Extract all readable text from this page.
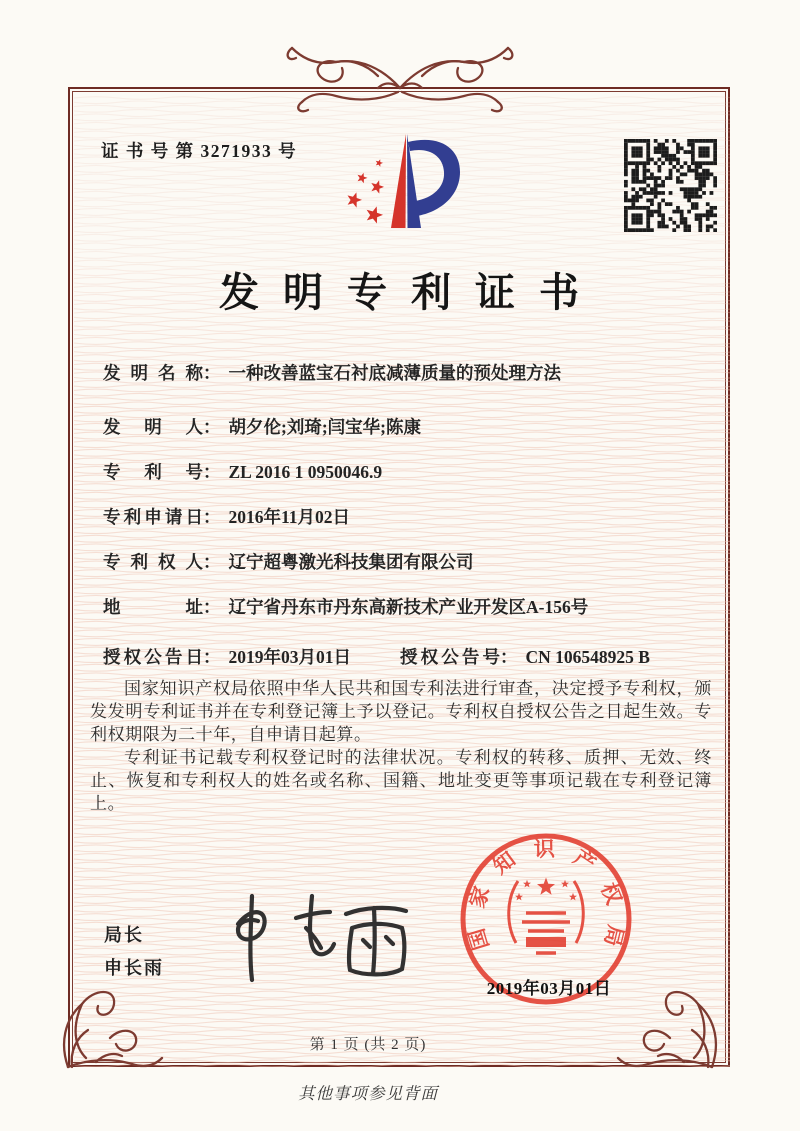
证 书 号 第 3271933 号
发明专利证书
发明名称： 一种改善蓝宝石衬底减薄质量的预处理方法
发明人： 胡夕伦;刘琦;闫宝华;陈康
专利号： ZL 2016 1 0950046.9
专利申请日： 2016年11月02日
专利权人： 辽宁超粤激光科技集团有限公司
地址： 辽宁省丹东市丹东高新技术产业开发区A-156号
授权公告日： 2019年03月01日	授权公告号： CN 106548925 B

国家知识产权局依照中华人民共和国专利法进行审查，决定授予专利权，颁发发明专利证书并在专利登记簿上予以登记。专利权自授权公告之日起生效。专利权期限为二十年，自申请日起算。

专利证书记载专利权登记时的法律状况。专利权的转移、质押、无效、终止、恢复和专利权人的姓名或名称、国籍、地址变更等事项记载在专利登记簿上。

局长
申长雨
国家知识产权局
2019年03月01日
第 1 页 (共 2 页)
其他事项参见背面
